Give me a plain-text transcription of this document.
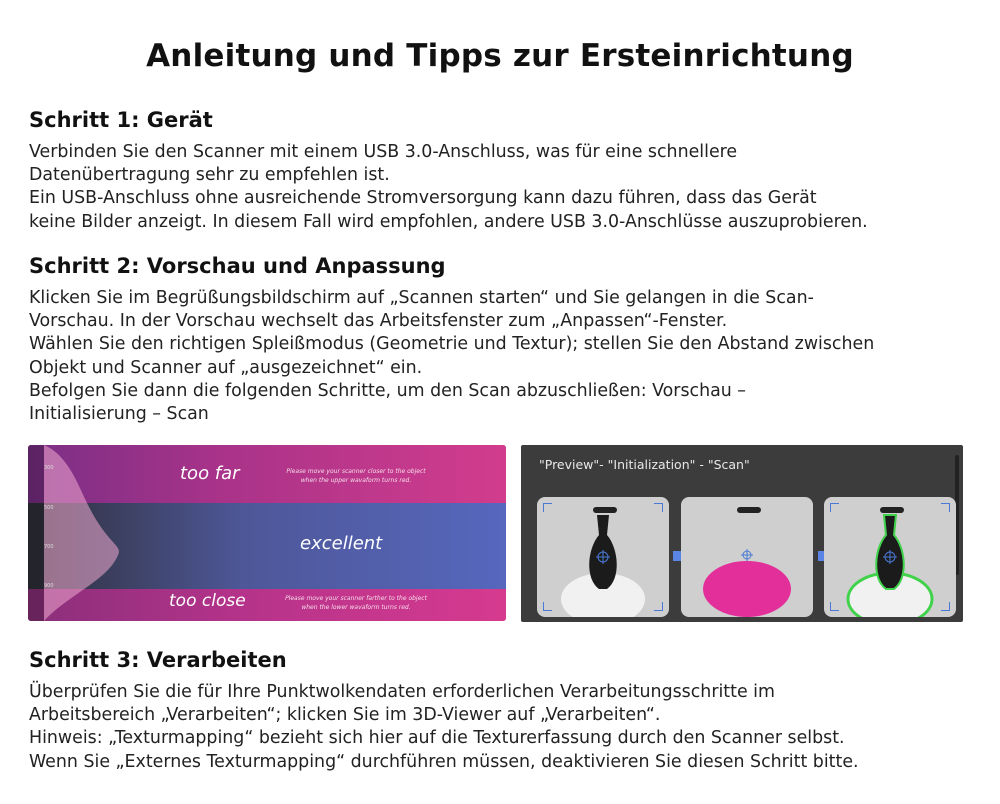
Anleitung und Tipps zur Ersteinrichtung
Schritt 1: Gerät

Verbinden Sie den Scanner mit einem USB 3.0-Anschluss, was für eine schnellere
Datenübertragung sehr zu empfehlen ist.
Ein USB-Anschluss ohne ausreichende Stromversorgung kann dazu führen, dass das Gerät
keine Bilder anzeigt. In diesem Fall wird empfohlen, andere USB 3.0-Anschlüsse auszuprobieren.

Schritt 2: Vorschau und Anpassung

Klicken Sie im Begrüßungsbildschirm auf „Scannen starten“ und Sie gelangen in die Scan-
Vorschau. In der Vorschau wechselt das Arbeitsfenster zum „Anpassen“-Fenster.
Wählen Sie den richtigen Spleißmodus (Geometrie und Textur); stellen Sie den Abstand zwischen
Objekt und Scanner auf „ausgezeichnet“ ein.
Befolgen Sie dann die folgenden Schritte, um den Scan abzuschließen: Vorschau –
Initialisierung – Scan

300
500
700
900
too far	Please move your scanner closer to the object
when the upper wavaform turns red.
excellent
too close	Please move your scanner farther to the object
when the lower wavaform turns red.
"Preview"- "Initialization" - "Scan"
Schritt 3: Verarbeiten

Überprüfen Sie die für Ihre Punktwolkendaten erforderlichen Verarbeitungsschritte im
Arbeitsbereich „Verarbeiten“; klicken Sie im 3D-Viewer auf „Verarbeiten“.
Hinweis: „Texturmapping“ bezieht sich hier auf die Texturerfassung durch den Scanner selbst.
Wenn Sie „Externes Texturmapping“ durchführen müssen, deaktivieren Sie diesen Schritt bitte.
